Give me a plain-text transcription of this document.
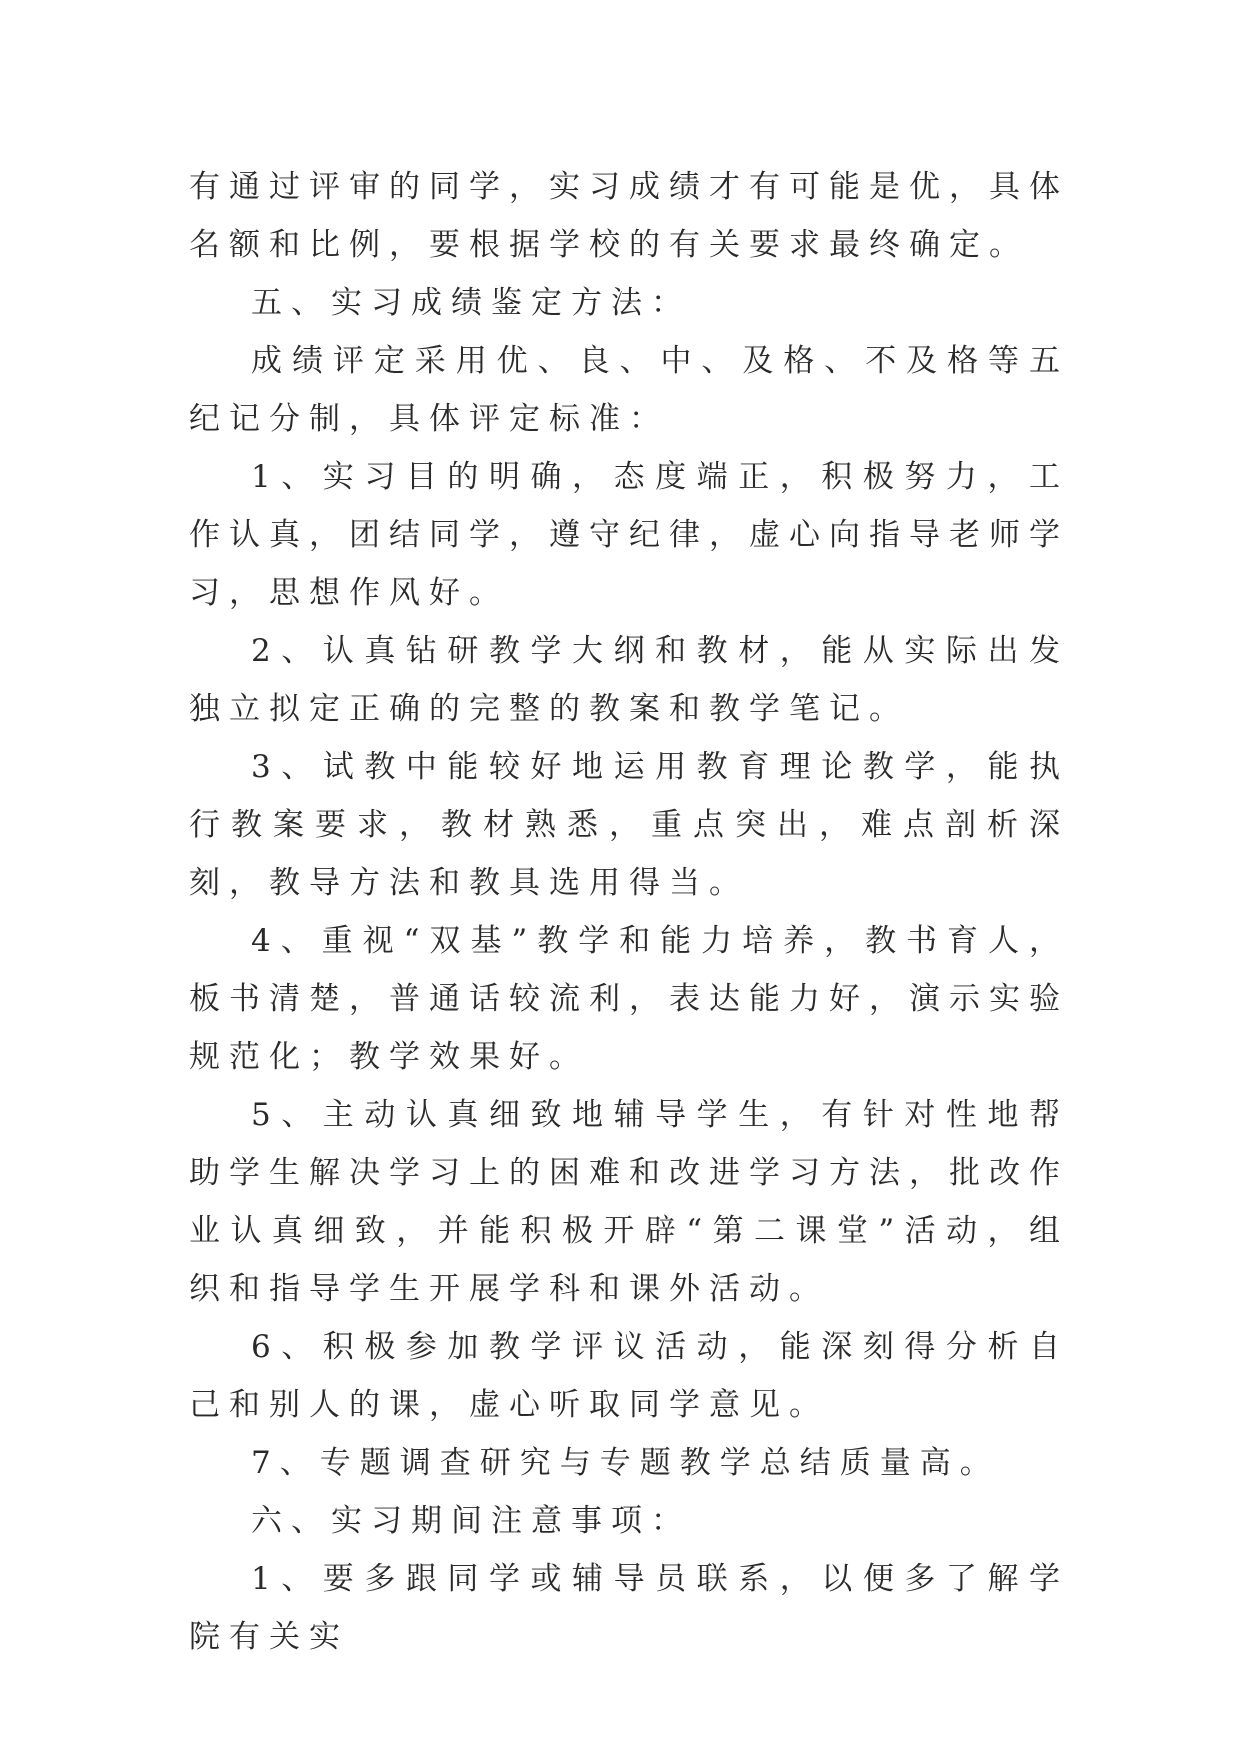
有通过评审的同学，实习成绩才有可能是优，具体名额和比例，要根据学校的有关要求最终确定。

五、实习成绩鉴定方法：

成绩评定采用优、良、中、及格、不及格等五纪记分制，具体评定标准：

1、实习目的明确，态度端正，积极努力，工作认真，团结同学，遵守纪律，虚心向指导老师学习，思想作风好。

2、认真钻研教学大纲和教材，能从实际出发独立拟定正确的完整的教案和教学笔记。

3、试教中能较好地运用教育理论教学，能执行教案要求，教材熟悉，重点突出，难点剖析深刻，教导方法和教具选用得当。

4、重视“双基”教学和能力培养，教书育人，板书清楚，普通话较流利，表达能力好，演示实验规范化；教学效果好。

5、主动认真细致地辅导学生，有针对性地帮助学生解决学习上的困难和改进学习方法，批改作业认真细致，并能积极开辟“第二课堂”活动，组织和指导学生开展学科和课外活动。

6、积极参加教学评议活动，能深刻得分析自己和别人的课，虚心听取同学意见。

7、专题调查研究与专题教学总结质量高。

六、实习期间注意事项：

1、要多跟同学或辅导员联系，以便多了解学院有关实
